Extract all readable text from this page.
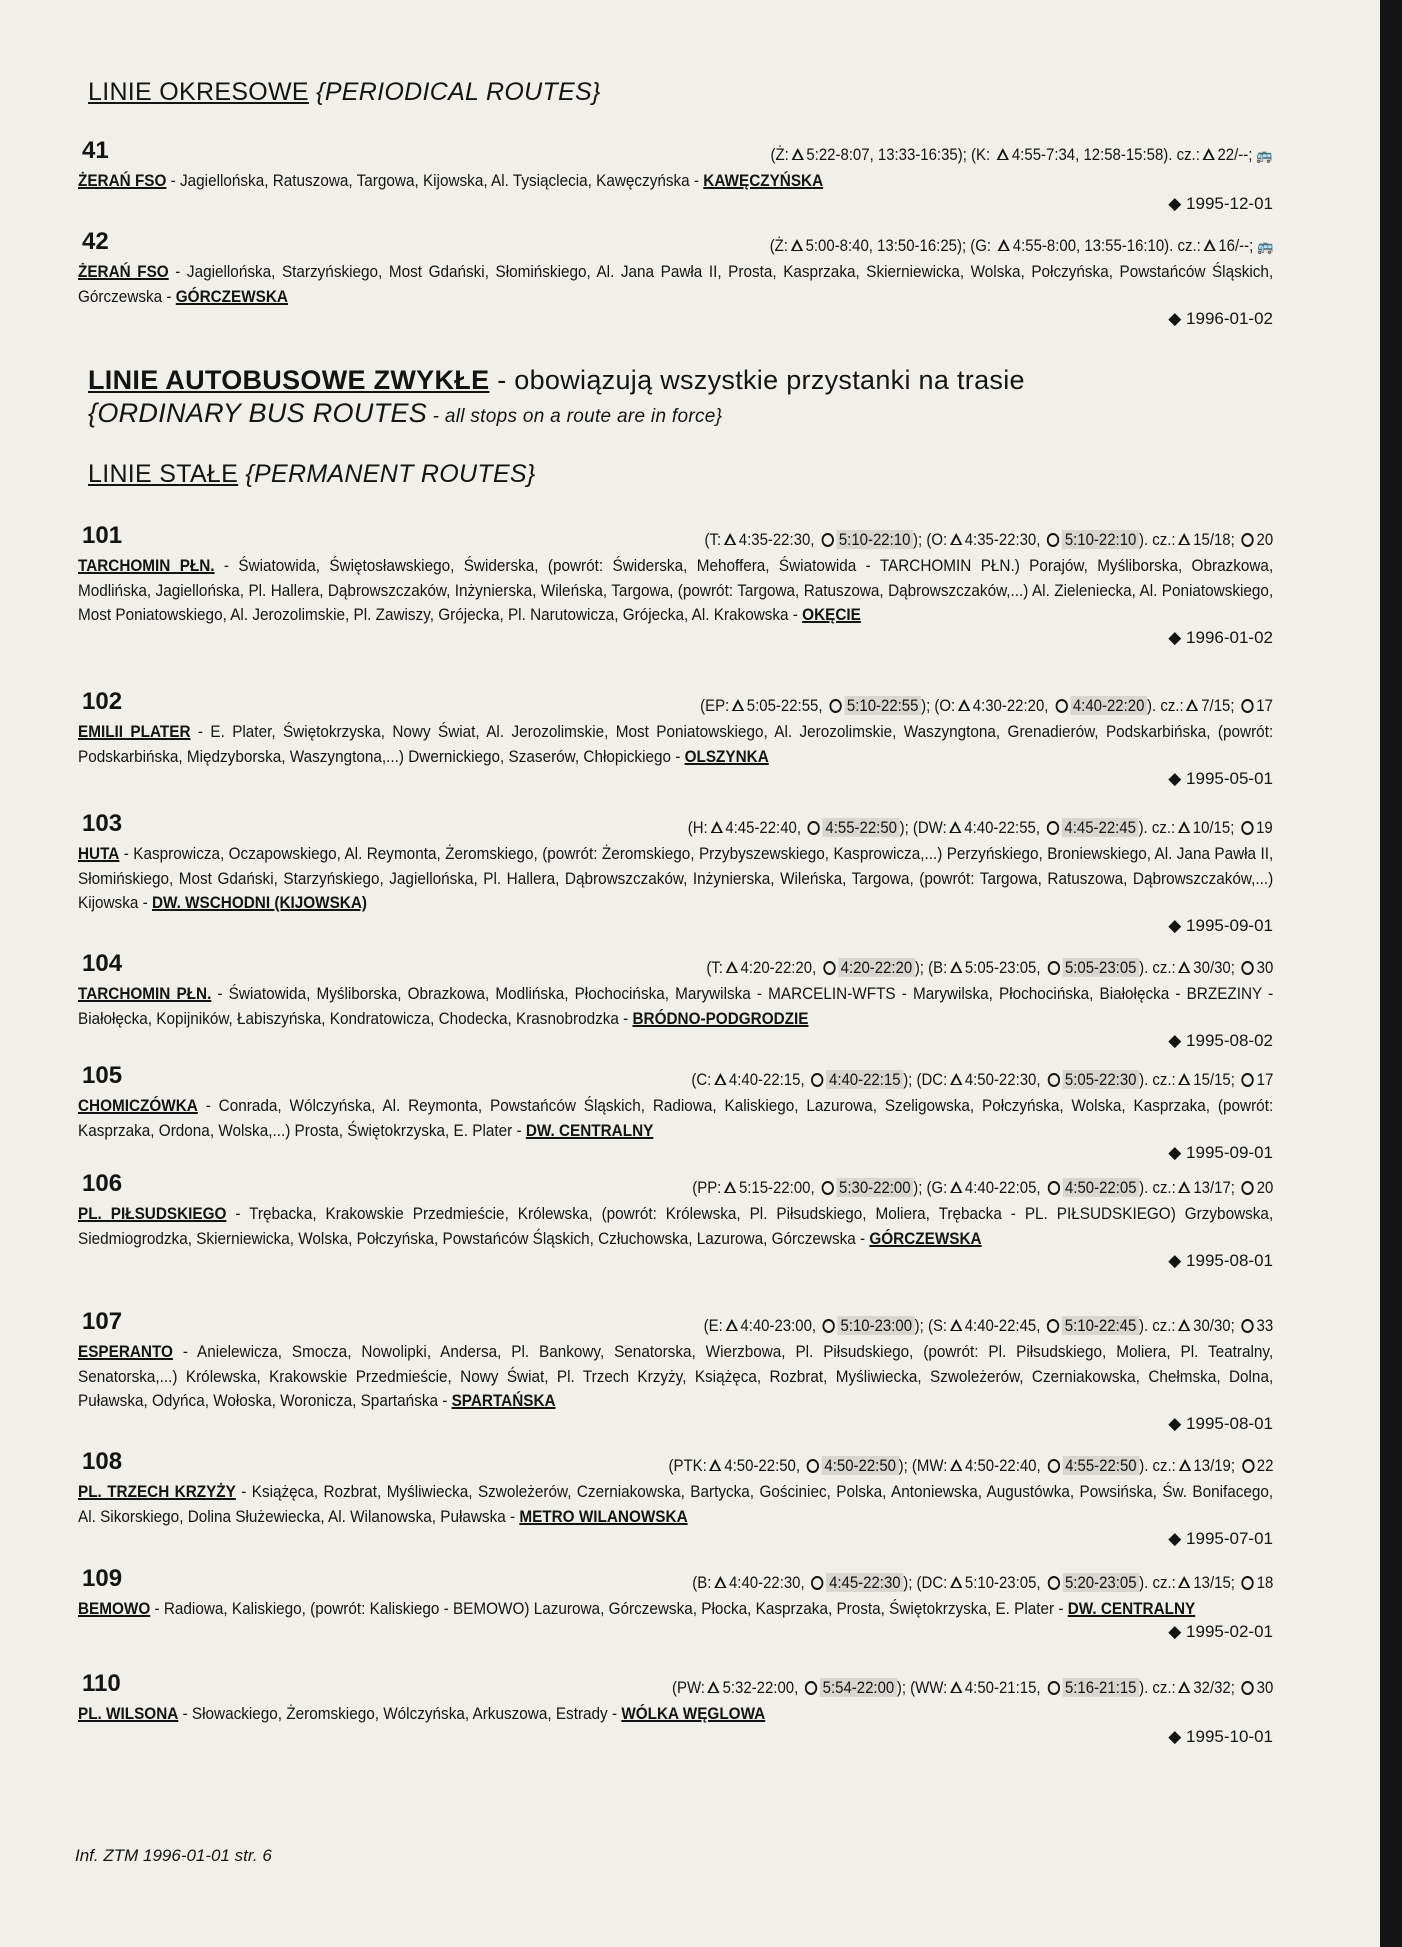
LINIE OKRESOWE {PERIODICAL ROUTES}
LINIE AUTOBUSOWE ZWYKŁE - obowiązują wszystkie przystanki na trasie
{ORDINARY BUS ROUTES - all stops on a route are in force}
LINIE STAŁE {PERMANENT ROUTES}
41	(Ż: 5:22-8:07, 13:33-16:35); (K: 4:55-7:34, 12:58-15:58). cz.: 22/--; 🚌
ŻERAŃ FSO - Jagiellońska, Ratuszowa, Targowa, Kijowska, Al. Tysiąclecia, Kawęczyńska - KAWĘCZYŃSKA
◆ 1995-12-01
42	(Ż: 5:00-8:40, 13:50-16:25); (G: 4:55-8:00, 13:55-16:10). cz.: 16/--; 🚌
ŻERAŃ FSO - Jagiellońska, Starzyńskiego, Most Gdański, Słomińskiego, Al. Jana Pawła II, Prosta, Kasprzaka, Skierniewicka, Wolska, Połczyńska, Powstańców Śląskich, Górczewska - GÓRCZEWSKA
◆ 1996-01-02
101	(T: 4:35-22:30, 5:10-22:10 ); (O: 4:35-22:30, 5:10-22:10 ). cz.: 15/18; 20
TARCHOMIN PŁN. - Światowida, Świętosławskiego, Świderska, (powrót: Świderska, Mehoffera, Światowida - TARCHOMIN PŁN.) Porajów, Myśliborska, Obrazkowa, Modlińska, Jagiellońska, Pl. Hallera, Dąbrowszczaków, Inżynierska, Wileńska, Targowa, (powrót: Targowa, Ratuszowa, Dąbrowszczaków,...) Al. Zieleniecka, Al. Poniatowskiego, Most Poniatowskiego, Al. Jerozolimskie, Pl. Zawiszy, Grójecka, Pl. Narutowicza, Grójecka, Al. Krakowska - OKĘCIE
◆ 1996-01-02
102	(EP: 5:05-22:55, 5:10-22:55 ); (O: 4:30-22:20, 4:40-22:20 ). cz.: 7/15; 17
EMILII PLATER - E. Plater, Świętokrzyska, Nowy Świat, Al. Jerozolimskie, Most Poniatowskiego, Al. Jerozolimskie, Waszyngtona, Grenadierów, Podskarbińska, (powrót: Podskarbińska, Międzyborska, Waszyngtona,...) Dwernickiego, Szaserów, Chłopickiego - OLSZYNKA
◆ 1995-05-01
103	(H: 4:45-22:40, 4:55-22:50 ); (DW: 4:40-22:55, 4:45-22:45 ). cz.: 10/15; 19
HUTA - Kasprowicza, Oczapowskiego, Al. Reymonta, Żeromskiego, (powrót: Żeromskiego, Przybyszewskiego, Kasprowicza,...) Perzyńskiego, Broniewskiego, Al. Jana Pawła II, Słomińskiego, Most Gdański, Starzyńskiego, Jagiellońska, Pl. Hallera, Dąbrowszczaków, Inżynierska, Wileńska, Targowa, (powrót: Targowa, Ratuszowa, Dąbrowszczaków,...) Kijowska - DW. WSCHODNI (KIJOWSKA)
◆ 1995-09-01
104	(T: 4:20-22:20, 4:20-22:20 ); (B: 5:05-23:05, 5:05-23:05 ). cz.: 30/30; 30
TARCHOMIN PŁN. - Światowida, Myśliborska, Obrazkowa, Modlińska, Płochocińska, Marywilska - MARCELIN-WFTS - Marywilska, Płochocińska, Białołęcka - BRZEZINY - Białołęcka, Kopijników, Łabiszyńska, Kondratowicza, Chodecka, Krasnobrodzka - BRÓDNO-PODGRODZIE
◆ 1995-08-02
105	(C: 4:40-22:15, 4:40-22:15 ); (DC: 4:50-22:30, 5:05-22:30 ). cz.: 15/15; 17
CHOMICZÓWKA - Conrada, Wólczyńska, Al. Reymonta, Powstańców Śląskich, Radiowa, Kaliskiego, Lazurowa, Szeligowska, Połczyńska, Wolska, Kasprzaka, (powrót: Kasprzaka, Ordona, Wolska,...) Prosta, Świętokrzyska, E. Plater - DW. CENTRALNY
◆ 1995-09-01
106	(PP: 5:15-22:00, 5:30-22:00 ); (G: 4:40-22:05, 4:50-22:05 ). cz.: 13/17; 20
PL. PIŁSUDSKIEGO - Trębacka, Krakowskie Przedmieście, Królewska, (powrót: Królewska, Pl. Piłsudskiego, Moliera, Trębacka - PL. PIŁSUDSKIEGO) Grzybowska, Siedmiogrodzka, Skierniewicka, Wolska, Połczyńska, Powstańców Śląskich, Człuchowska, Lazurowa, Górczewska - GÓRCZEWSKA
◆ 1995-08-01
107	(E: 4:40-23:00, 5:10-23:00 ); (S: 4:40-22:45, 5:10-22:45 ). cz.: 30/30; 33
ESPERANTO - Anielewicza, Smocza, Nowolipki, Andersa, Pl. Bankowy, Senatorska, Wierzbowa, Pl. Piłsudskiego, (powrót: Pl. Piłsudskiego, Moliera, Pl. Teatralny, Senatorska,...) Królewska, Krakowskie Przedmieście, Nowy Świat, Pl. Trzech Krzyży, Książęca, Rozbrat, Myśliwiecka, Szwoleżerów, Czerniakowska, Chełmska, Dolna, Puławska, Odyńca, Wołoska, Woronicza, Spartańska - SPARTAŃSKA
◆ 1995-08-01
108	(PTK: 4:50-22:50, 4:50-22:50 ); (MW: 4:50-22:40, 4:55-22:50 ). cz.: 13/19; 22
PL. TRZECH KRZYŻY - Książęca, Rozbrat, Myśliwiecka, Szwoleżerów, Czerniakowska, Bartycka, Gościniec, Polska, Antoniewska, Augustówka, Powsińska, Św. Bonifacego, Al. Sikorskiego, Dolina Służewiecka, Al. Wilanowska, Puławska - METRO WILANOWSKA
◆ 1995-07-01
109	(B: 4:40-22:30, 4:45-22:30 ); (DC: 5:10-23:05, 5:20-23:05 ). cz.: 13/15; 18
BEMOWO - Radiowa, Kaliskiego, (powrót: Kaliskiego - BEMOWO) Lazurowa, Górczewska, Płocka, Kasprzaka, Prosta, Świętokrzyska, E. Plater - DW. CENTRALNY
◆ 1995-02-01
110	(PW: 5:32-22:00, 5:54-22:00 ); (WW: 4:50-21:15, 5:16-21:15 ). cz.: 32/32; 30
PL. WILSONA - Słowackiego, Żeromskiego, Wólczyńska, Arkuszowa, Estrady - WÓLKA WĘGLOWA
◆ 1995-10-01
Inf. ZTM 1996-01-01 str. 6
